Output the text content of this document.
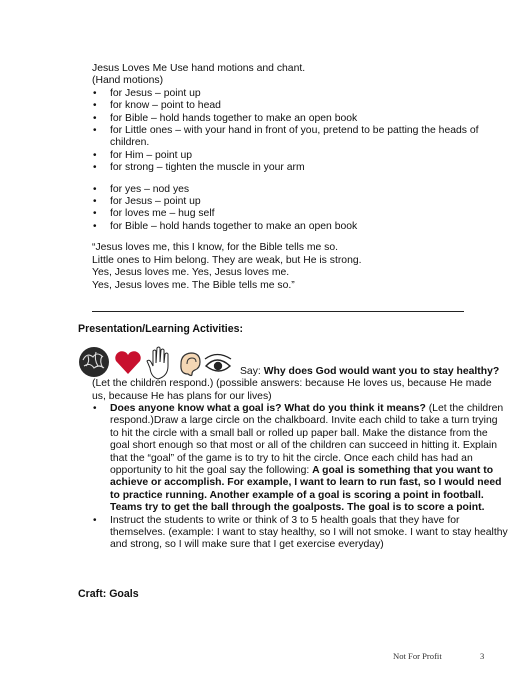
Jesus Loves Me Use hand motions and chant.
(Hand motions)
• for Jesus – point up
• for know – point to head
• for Bible – hold hands together to make an open book
• for Little ones – with your hand in front of you, pretend to be patting the heads of children.
• for Him – point up
• for strong – tighten the muscle in your arm
• for yes – nod yes
• for Jesus – point up
• for loves me – hug self
• for Bible – hold hands together to make an open book
“Jesus loves me, this I know, for the Bible tells me so.
Little ones to Him belong. They are weak, but He is strong.
Yes, Jesus loves me. Yes, Jesus loves me.
Yes, Jesus loves me. The Bible tells me so.”
Presentation/Learning Activities:
Say: Why does God would want you to stay healthy? (Let the children respond.) (possible answers: because He loves us, because He made us, because He has plans for our lives)
• Does anyone know what a goal is? What do you think it means? (Let the children respond.)Draw a large circle on the chalkboard. Invite each child to take a turn trying to hit the circle with a small ball or rolled up paper ball. Make the distance from the goal short enough so that most or all of the children can succeed in hitting it. Explain that the “goal” of the game is to try to hit the circle. Once each child has had an opportunity to hit the goal say the following: A goal is something that you want to achieve or accomplish. For example, I want to learn to run fast, so I would need to practice running. Another example of a goal is scoring a point in football. Teams try to get the ball through the goalposts. The goal is to score a point.
• Instruct the students to write or think of 3 to 5 health goals that they have for themselves. (example: I want to stay healthy, so I will not smoke. I want to stay healthy and strong, so I will make sure that I get exercise everyday)
Craft: Goals
Not For Profit	3
